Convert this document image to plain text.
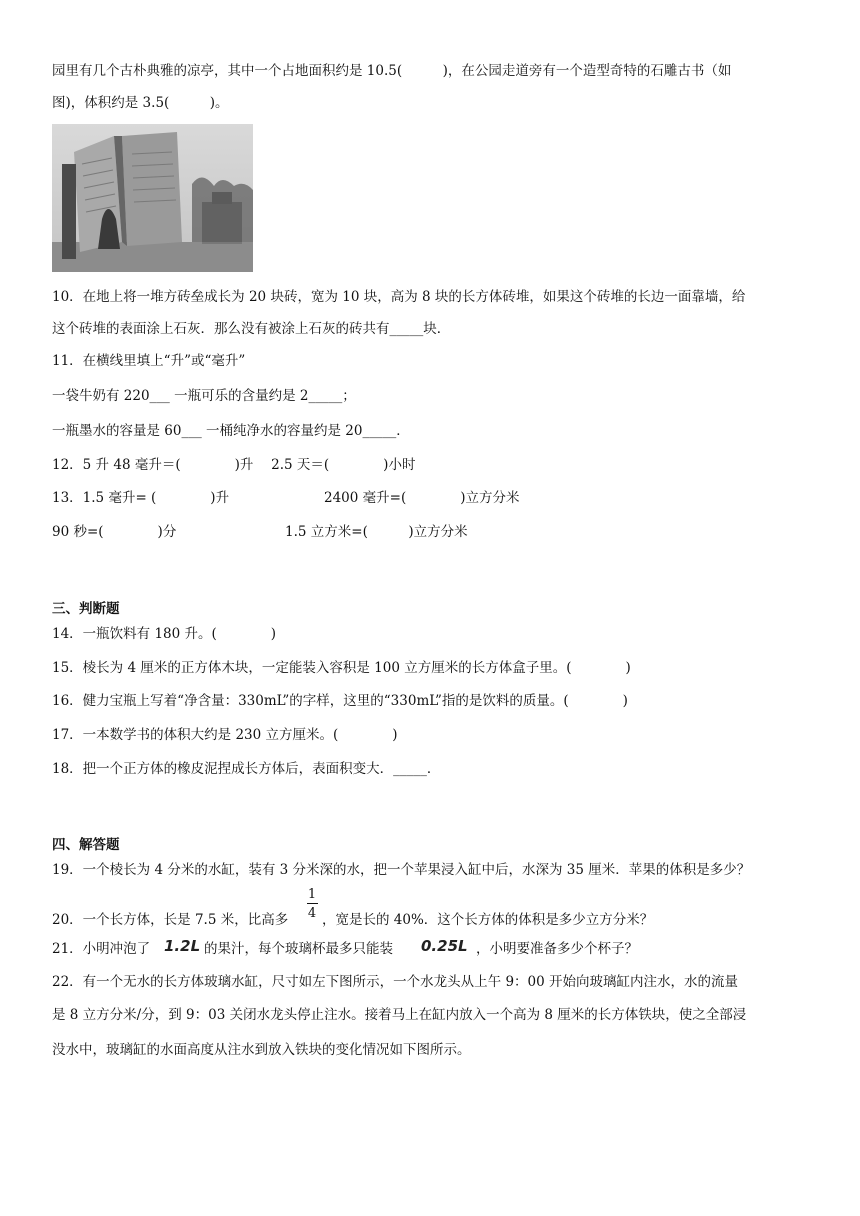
园里有几个古朴典雅的凉亭，其中一个占地面积约是 10.5(　　　)，在公园走道旁有一个造型奇特的石雕古书（如
图)，体积约是 3.5(　　　)。
10．在地上将一堆方砖垒成长为 20 块砖，宽为 10 块，高为 8 块的长方体砖堆，如果这个砖堆的长边一面靠墙，给
这个砖堆的表面涂上石灰．那么没有被涂上石灰的砖共有_____块．
11．在横线里填上“升”或“毫升”
一袋牛奶有 220___ 一瓶可乐的含量约是 2_____；
一瓶墨水的容量是 60___ 一桶纯净水的容量约是 20_____．
12．5 升 48 毫升＝(　　　　)升　 2.5 天＝(　　　　)小时
13．1.5 毫升= (　　　　)升	2400 毫升=(　　　　)立方分米
90 秒=(　　　　)分	1.5 立方米=(　　　)立方分米
三、判断题
14．一瓶饮料有 180 升。(　　　　)
15．棱长为 4 厘米的正方体木块，一定能装入容积是 100 立方厘米的长方体盒子里。(　　　　)
16．健力宝瓶上写着“净含量：330mL”的字样，这里的“330mL”指的是饮料的质量。(　　　　)
17．一本数学书的体积大约是 230 立方厘米。(　　　　)
18．把一个正方体的橡皮泥捏成长方体后，表面积变大．_____．
四、解答题
19．一个棱长为 4 分米的水缸，装有 3 分米深的水，把一个苹果浸入缸中后，水深为 35 厘米．苹果的体积是多少？
20．一个长方体，长是 7.5 米，比高多
1
4 ，宽是长的 40%．这个长方体的体积是多少立方分米？
21．小明冲泡了 1.2L 的果汁，每个玻璃杯最多只能装 0.25L ，小明要准备多少个杯子？
22．有一个无水的长方体玻璃水缸，尺寸如左下图所示，一个水龙头从上午 9：00 开始向玻璃缸内注水，水的流量
是 8 立方分米/分，到 9：03 关闭水龙头停止注水。接着马上在缸内放入一个高为 8 厘米的长方体铁块，使之全部浸
没水中，玻璃缸的水面高度从注水到放入铁块的变化情况如下图所示。
